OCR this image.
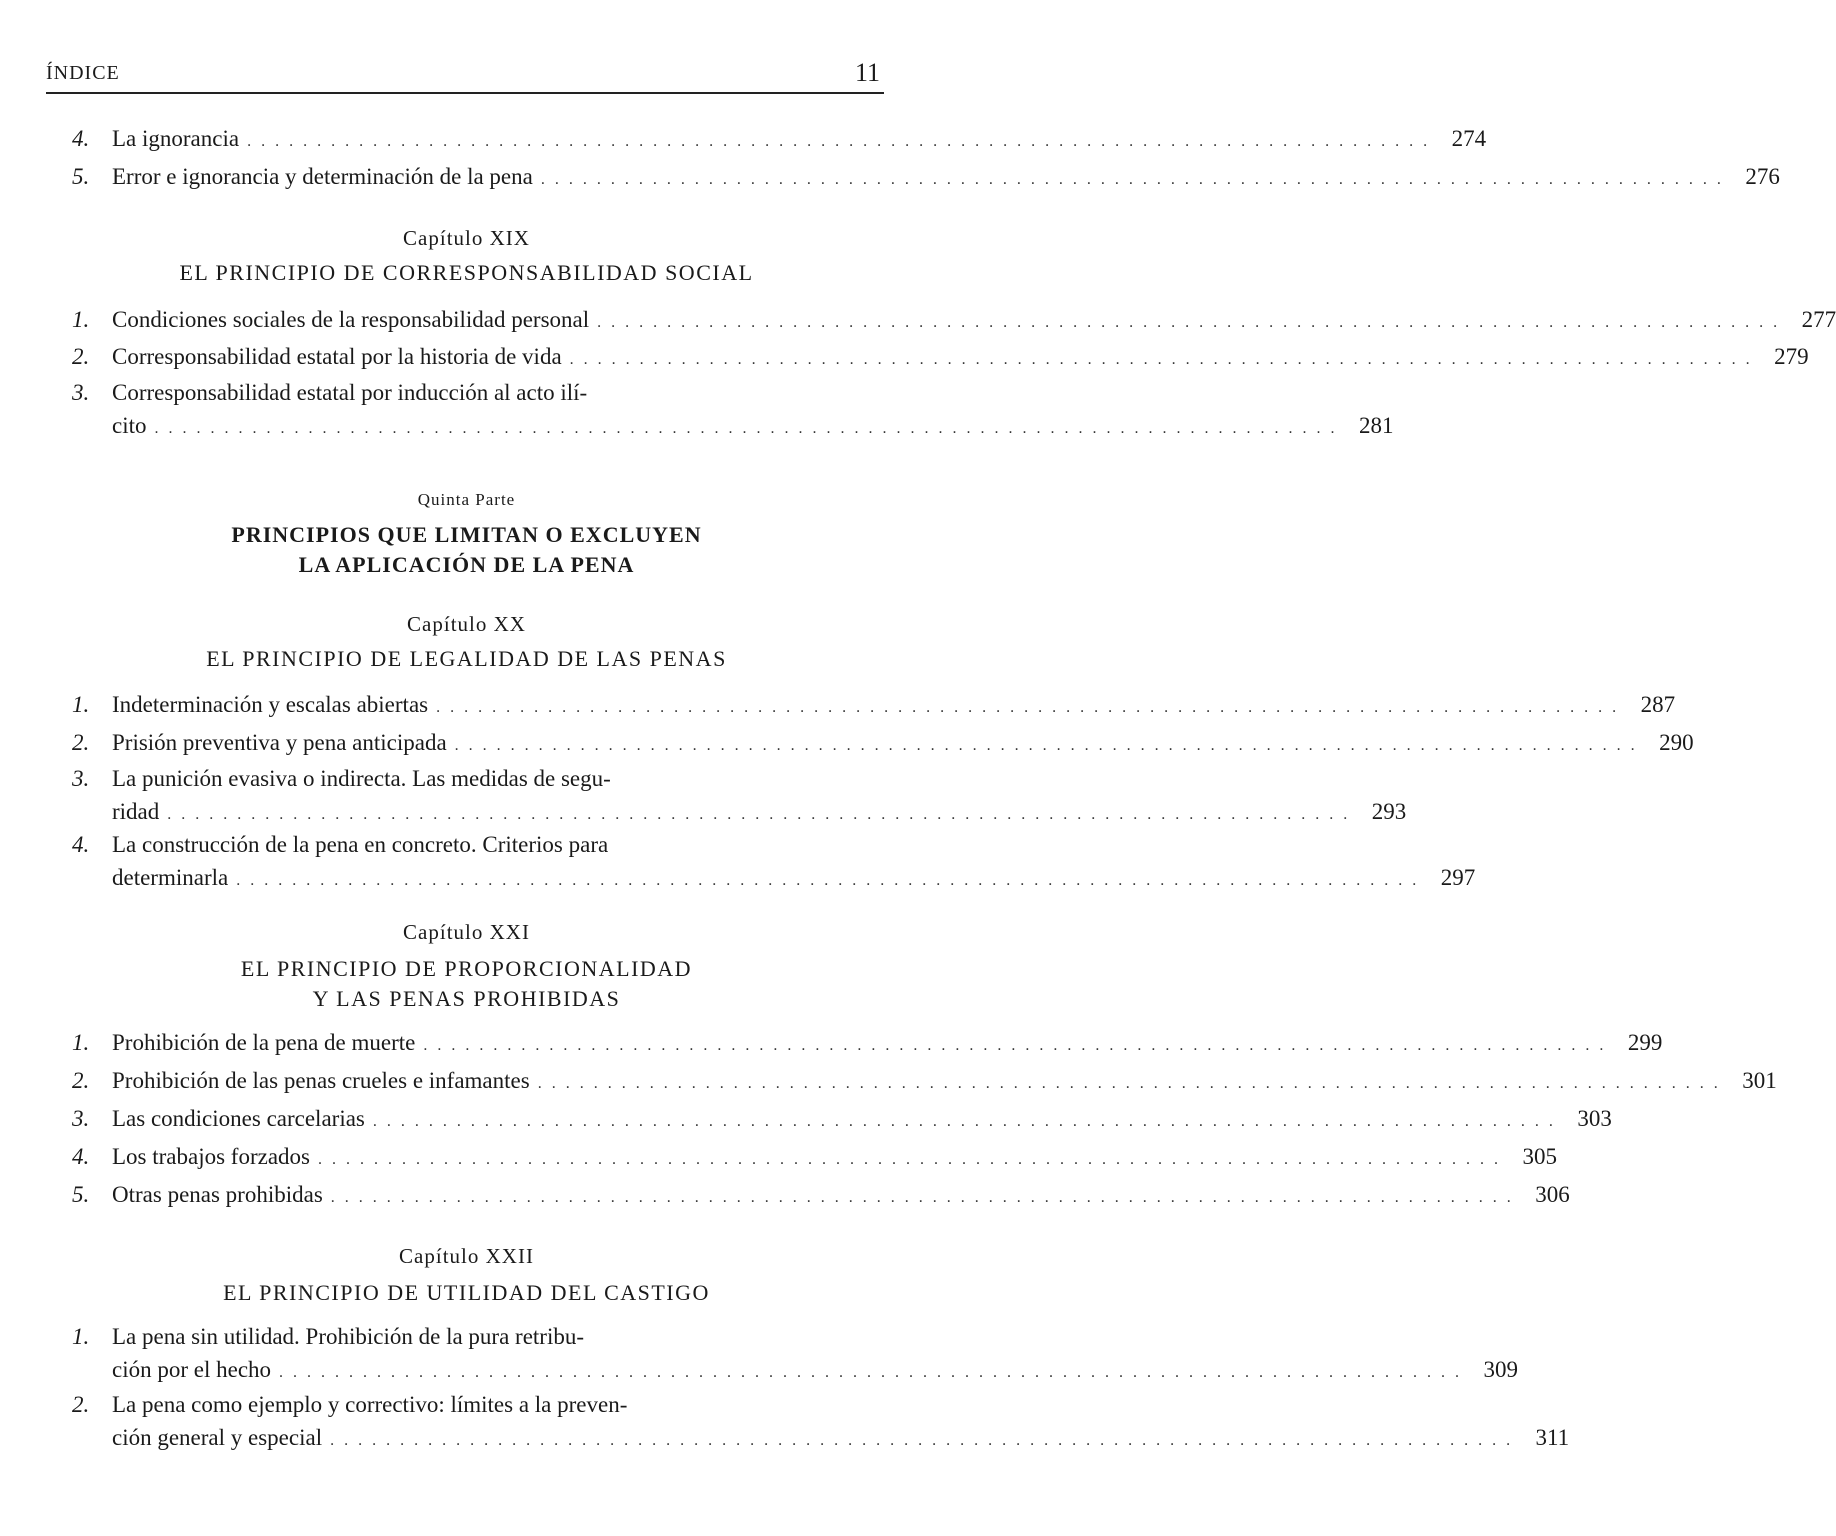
ÍNDICE	11
4. La ignorancia . . .	274
5. Error e ignorancia y determinación de la pena . . .	276
Capítulo XIX
EL PRINCIPIO DE CORRESPONSABILIDAD SOCIAL
1. Condiciones sociales de la responsabilidad personal . . .	277
2. Corresponsabilidad estatal por la historia de vida . . .	279
3. Corresponsabilidad estatal por inducción al acto ilí-
cito . . .	281
Quinta Parte
PRINCIPIOS QUE LIMITAN O EXCLUYEN
LA APLICACIÓN DE LA PENA
Capítulo XX
EL PRINCIPIO DE LEGALIDAD DE LAS PENAS
1. Indeterminación y escalas abiertas . . .	287
2. Prisión preventiva y pena anticipada . . .	290
3. La punición evasiva o indirecta. Las medidas de segu-
ridad . . .	293
4. La construcción de la pena en concreto. Criterios para
determinarla . . .	297
Capítulo XXI
EL PRINCIPIO DE PROPORCIONALIDAD
Y LAS PENAS PROHIBIDAS
1. Prohibición de la pena de muerte . . .	299
2. Prohibición de las penas crueles e infamantes . . .	301
3. Las condiciones carcelarias . . .	303
4. Los trabajos forzados . . .	305
5. Otras penas prohibidas . . .	306
Capítulo XXII
EL PRINCIPIO DE UTILIDAD DEL CASTIGO
1. La pena sin utilidad. Prohibición de la pura retribu-
ción por el hecho . . .	309
2. La pena como ejemplo y correctivo: límites a la preven-
ción general y especial . . .	311
